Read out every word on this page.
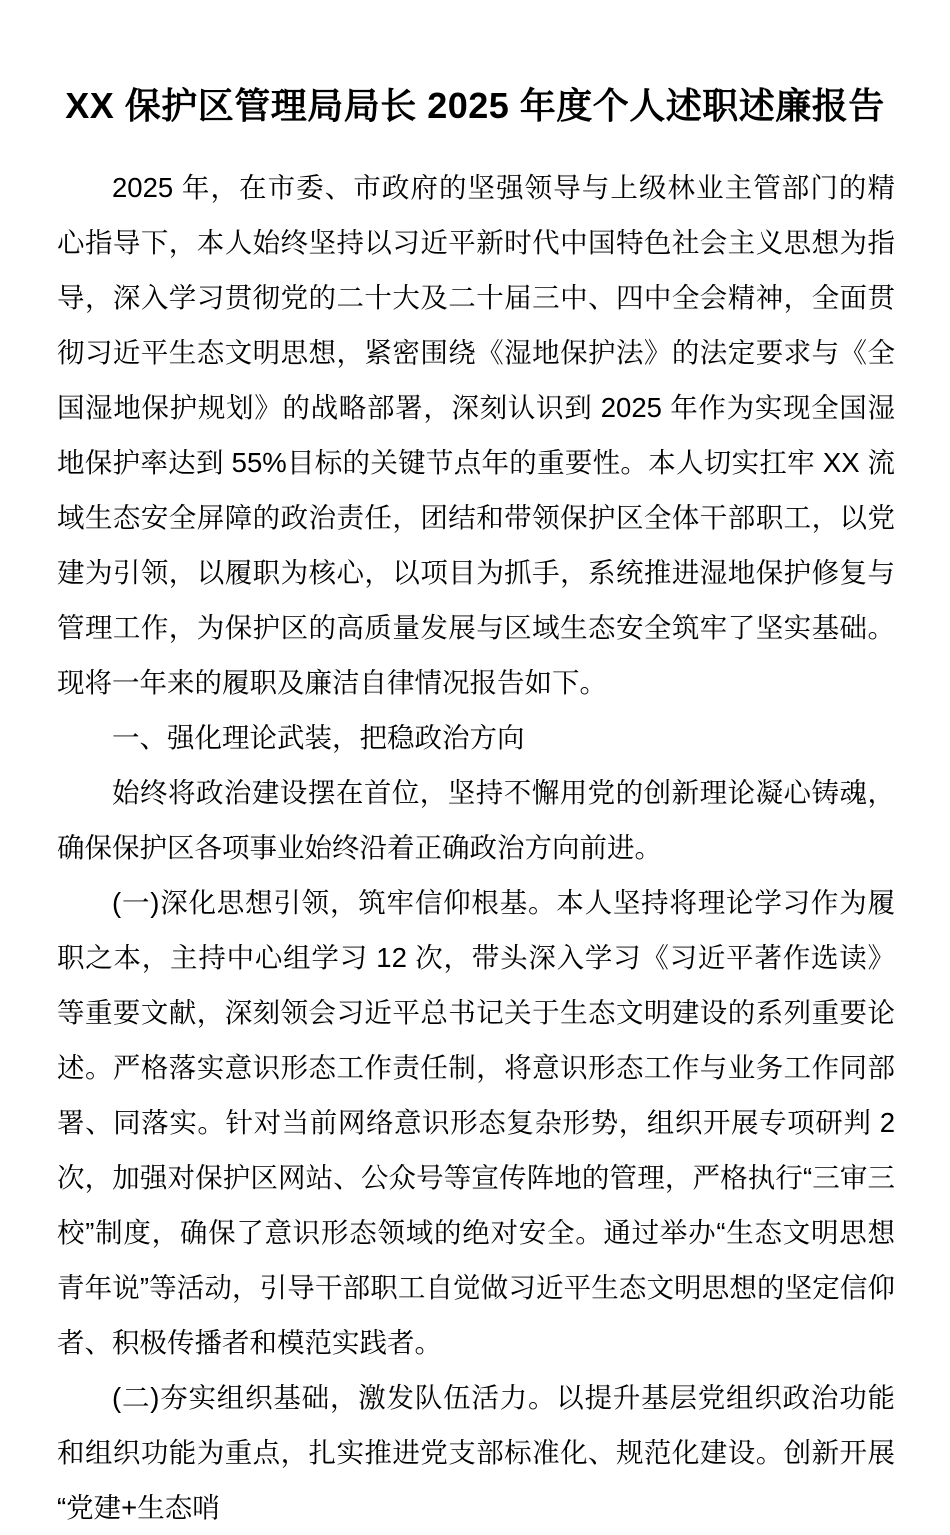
XX 保护区管理局局长 2025 年度个人述职述廉报告

2025 年，在市委、市政府的坚强领导与上级林业主管部门的精心指导下，本人始终坚持以习近平新时代中国特色社会主义思想为指导，深入学习贯彻党的二十大及二十届三中、四中全会精神，全面贯彻习近平生态文明思想，紧密围绕《湿地保护法》的法定要求与《全国湿地保护规划》的战略部署，深刻认识到 2025 年作为实现全国湿地保护率达到 55%目标的关键节点年的重要性。本人切实扛牢 XX 流域生态安全屏障的政治责任，团结和带领保护区全体干部职工，以党建为引领，以履职为核心，以项目为抓手，系统推进湿地保护修复与管理工作，为保护区的高质量发展与区域生态安全筑牢了坚实基础。现将一年来的履职及廉洁自律情况报告如下。

一、强化理论武装，把稳政治方向

始终将政治建设摆在首位，坚持不懈用党的创新理论凝心铸魂，确保保护区各项事业始终沿着正确政治方向前进。

(一)深化思想引领，筑牢信仰根基。本人坚持将理论学习作为履职之本，主持中心组学习 12 次，带头深入学习《习近平著作选读》等重要文献，深刻领会习近平总书记关于生态文明建设的系列重要论述。严格落实意识形态工作责任制，将意识形态工作与业务工作同部署、同落实。针对当前网络意识形态复杂形势，组织开展专项研判 2 次，加强对保护区网站、公众号等宣传阵地的管理，严格执行“三审三校”制度，确保了意识形态领域的绝对安全。通过举办“生态文明思想青年说”等活动，引导干部职工自觉做习近平生态文明思想的坚定信仰者、积极传播者和模范实践者。

(二)夯实组织基础，激发队伍活力。以提升基层党组织政治功能和组织功能为重点，扎实推进党支部标准化、规范化建设。创新开展“党建+生态哨
